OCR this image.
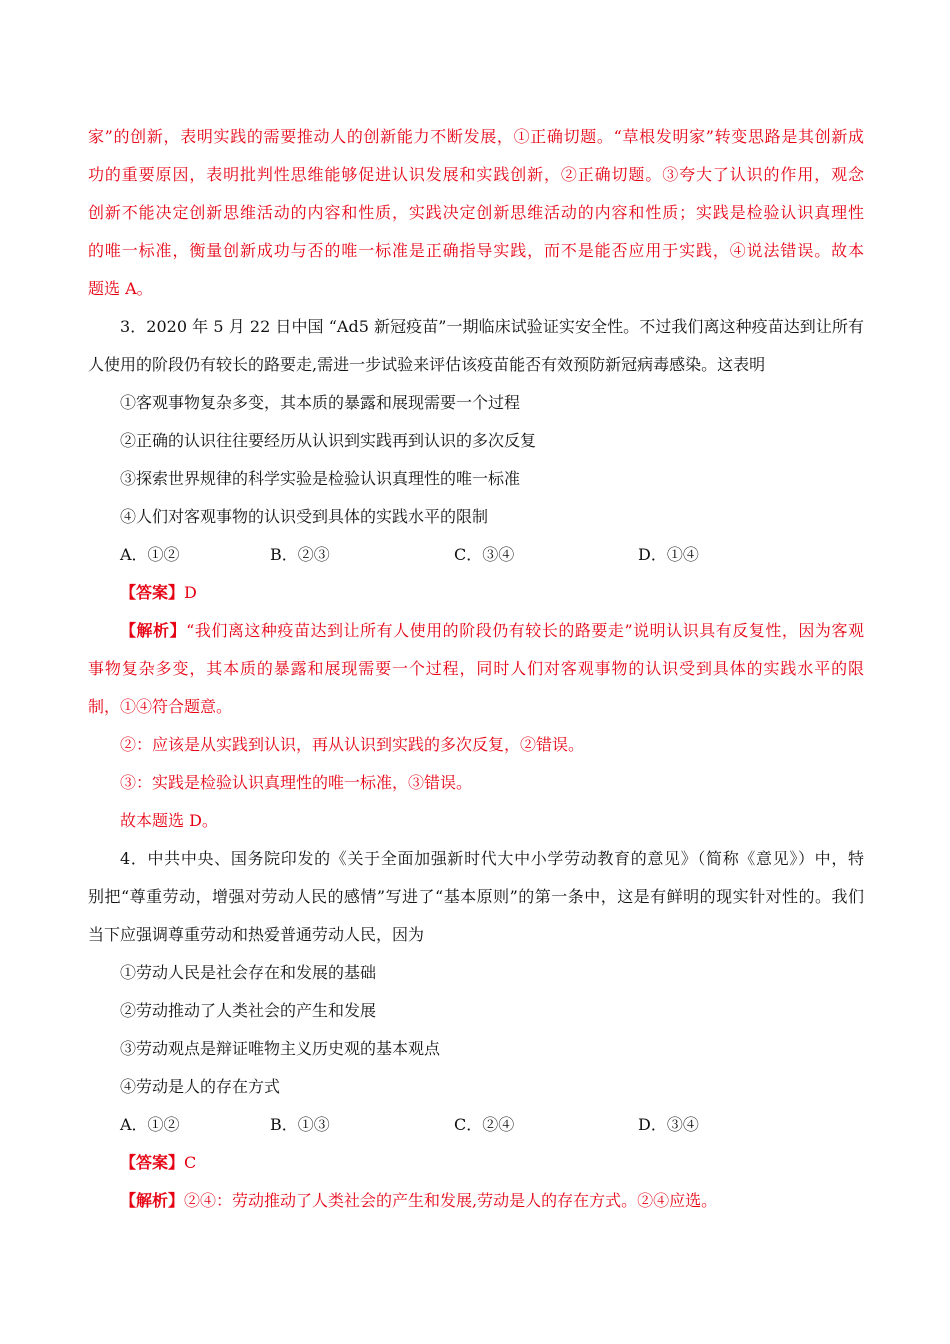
家”的创新，表明实践的需要推动人的创新能力不断发展，①正确切题。“草根发明家”转变思路是其创新成
功的重要原因，表明批判性思维能够促进认识发展和实践创新，②正确切题。③夸大了认识的作用，观念
创新不能决定创新思维活动的内容和性质，实践决定创新思维活动的内容和性质；实践是检验认识真理性
的唯一标准，衡量创新成功与否的唯一标准是正确指导实践，而不是能否应用于实践，④说法错误。故本
题选 A。
3．2020 年 5 月 22 日中国 “Ad5 新冠疫苗”一期临床试验证实安全性。不过我们离这种疫苗达到让所有
人使用的阶段仍有较长的路要走,需进一步试验来评估该疫苗能否有效预防新冠病毒感染。这表明
①客观事物复杂多变，其本质的暴露和展现需要一个过程
②正确的认识往往要经历从认识到实践再到认识的多次反复
③探索世界规律的科学实验是检验认识真理性的唯一标准
④人们对客观事物的认识受到具体的实践水平的限制
A．①②	B．②③	C．③④	D．①④
【答案】D
【解析】“我们离这种疫苗达到让所有人使用的阶段仍有较长的路要走”说明认识具有反复性，因为客观
事物复杂多变，其本质的暴露和展现需要一个过程，同时人们对客观事物的认识受到具体的实践水平的限
制，①④符合题意。
②：应该是从实践到认识，再从认识到实践的多次反复，②错误。
③：实践是检验认识真理性的唯一标准，③错误。
故本题选 D。
4．中共中央、国务院印发的《关于全面加强新时代大中小学劳动教育的意见》（简称《意见》）中，特
别把“尊重劳动，增强对劳动人民的感情”写进了“基本原则”的第一条中，这是有鲜明的现实针对性的。我们
当下应强调尊重劳动和热爱普通劳动人民，因为
①劳动人民是社会存在和发展的基础
②劳动推动了人类社会的产生和发展
③劳动观点是辩证唯物主义历史观的基本观点
④劳动是人的存在方式
A．①②	B．①③	C．②④	D．③④
【答案】C
【解析】②④：劳动推动了人类社会的产生和发展,劳动是人的存在方式。②④应选。
